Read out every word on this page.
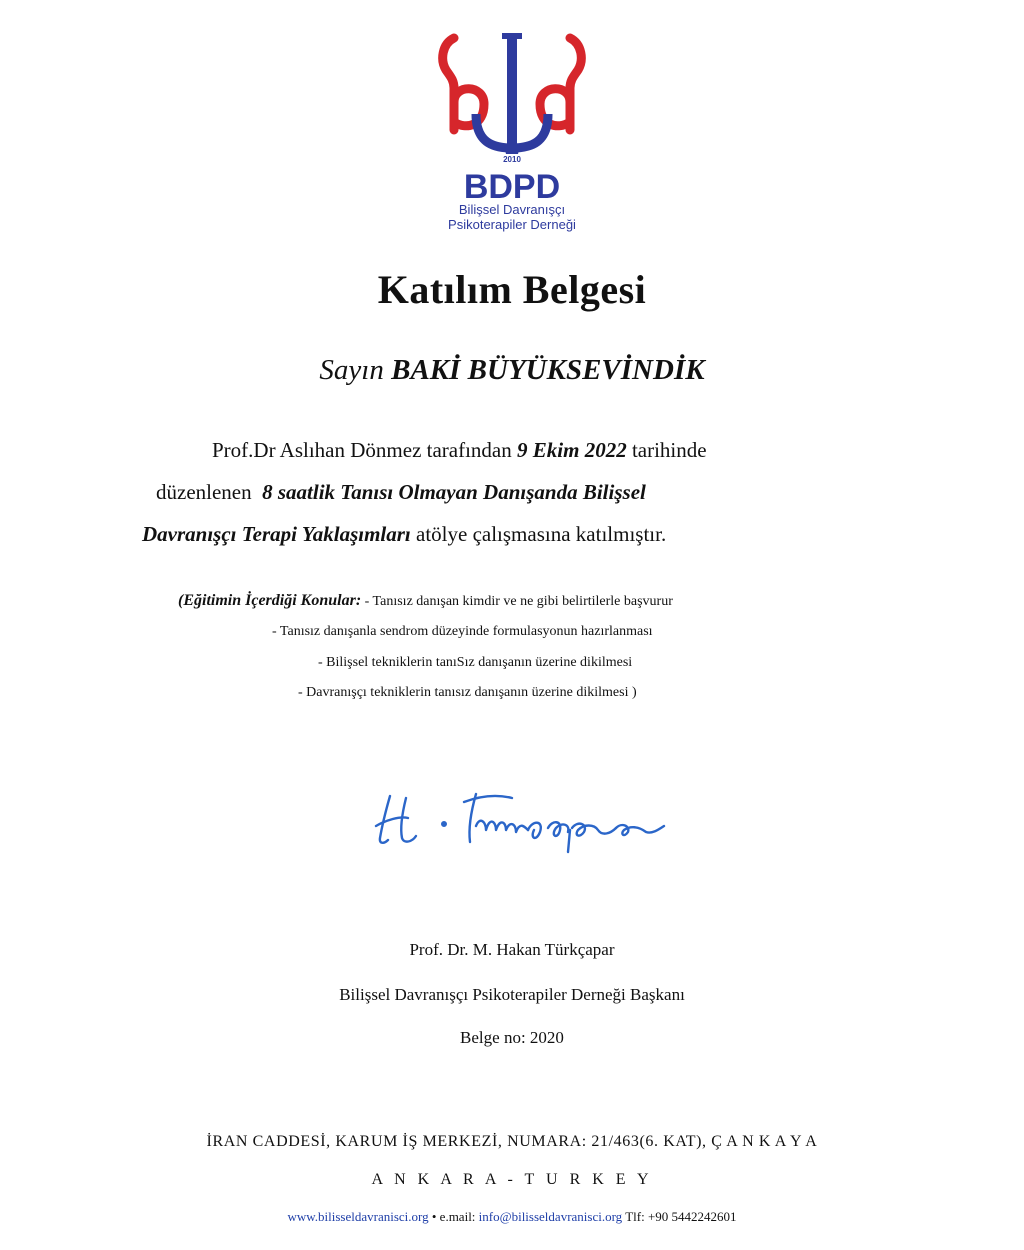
2010
BDPD
Bilişsel Davranışçı
Psikoterapiler Derneği
Katılım Belgesi
Sayın BAKİ BÜYÜKSEVİNDİK
Prof.Dr Aslıhan Dönmez tarafından 9 Ekim 2022 tarihinde
düzenlenen 8 saatlik Tanısı Olmayan Danışanda Bilişsel
Davranışçı Terapi Yaklaşımları atölye çalışmasına katılmıştır.
(Eğitimin İçerdiği Konular: - Tanısız danışan kimdir ve ne gibi belirtilerle başvurur
- Tanısız danışanla sendrom düzeyinde formulasyonun hazırlanması
- Bilişsel tekniklerin tanıSız danışanın üzerine dikilmesi
- Davranışçı tekniklerin tanısız danışanın üzerine dikilmesi )
Prof. Dr. M. Hakan Türkçapar
Bilişsel Davranışçı Psikoterapiler Derneği Başkanı
Belge no: 2020
İRAN CADDESİ, KARUM İŞ MERKEZİ, NUMARA: 21/463(6. KAT), Ç A N K A Y A
A N K A R A - T U R K E Y
www.bilisseldavranisci.org • e.mail: info@bilisseldavranisci.org Tlf: +90 5442242601
